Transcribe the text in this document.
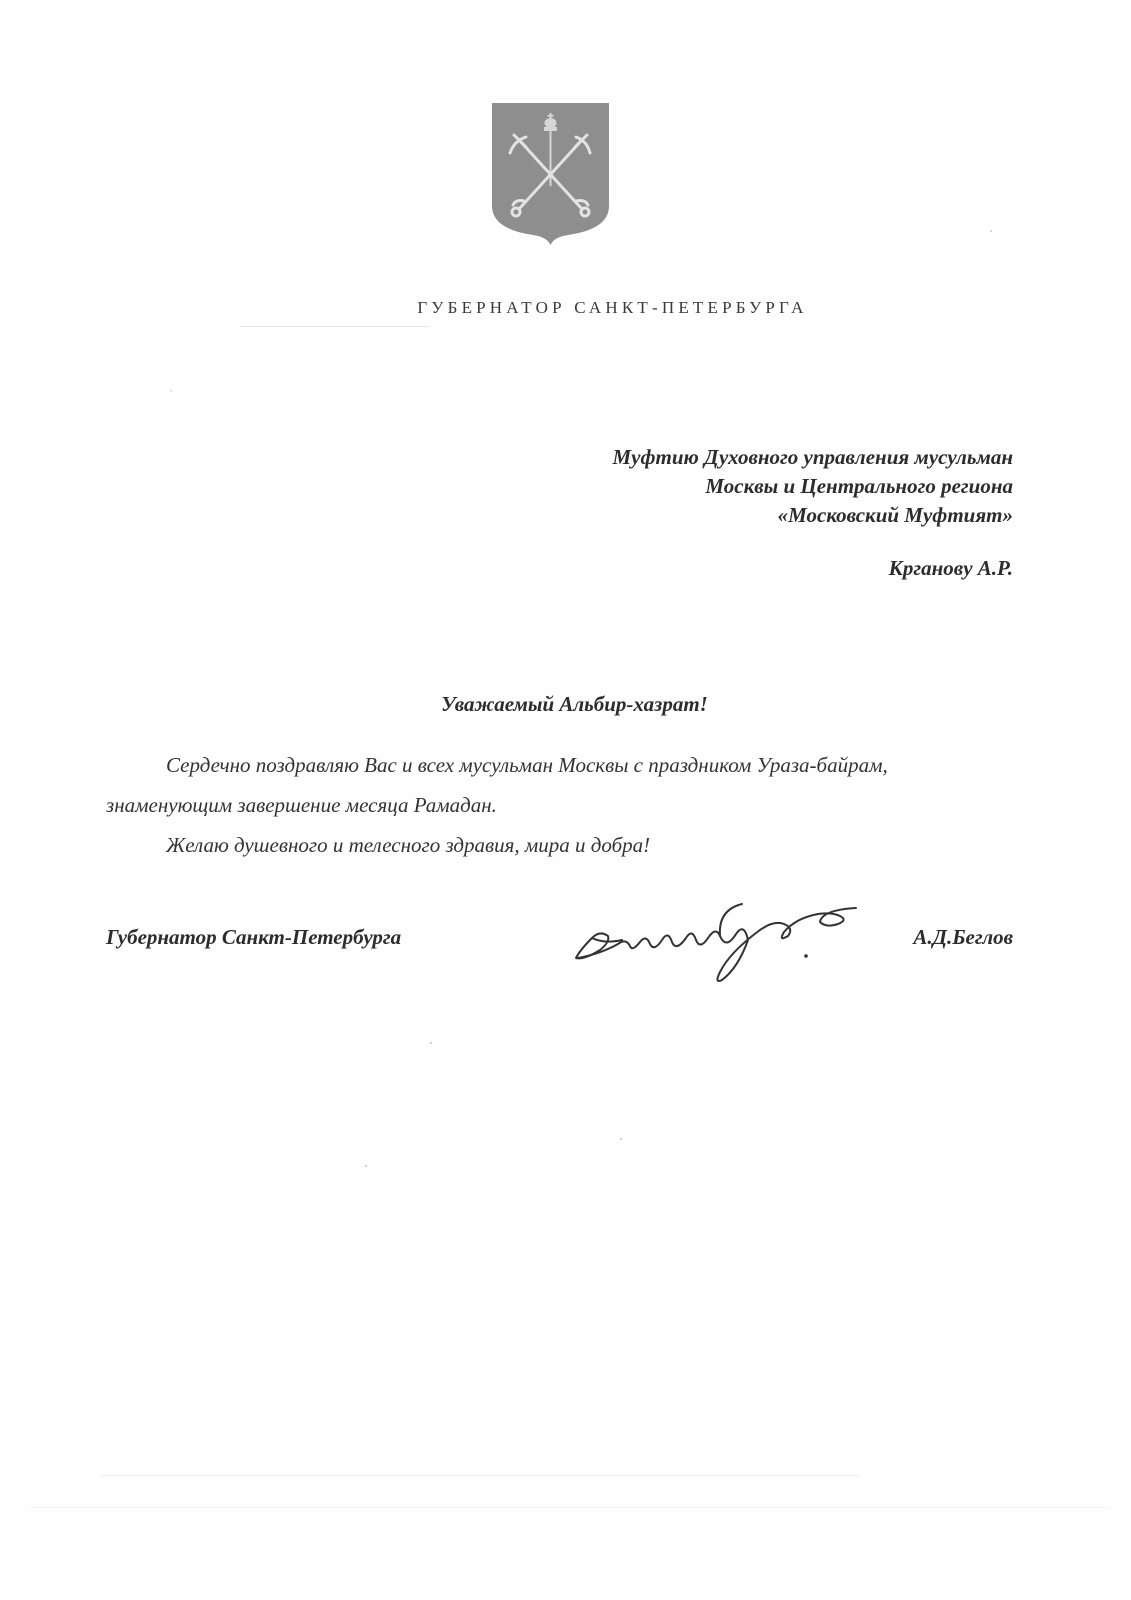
ГУБЕРНАТОР САНКТ-ПЕТЕРБУРГА
Муфтию Духовного управления мусульман
Москвы и Центрального региона
«Московский Муфтият»
Крганову А.Р.
Уважаемый Альбир-хазрат!

Сердечно поздравляю Вас и всех мусульман Москвы с праздником Ураза-байрам,

знаменующим завершение месяца Рамадан.

Желаю душевного и телесного здравия, мира и добра!

Губернатор Санкт-Петербурга	А.Д.Беглов
